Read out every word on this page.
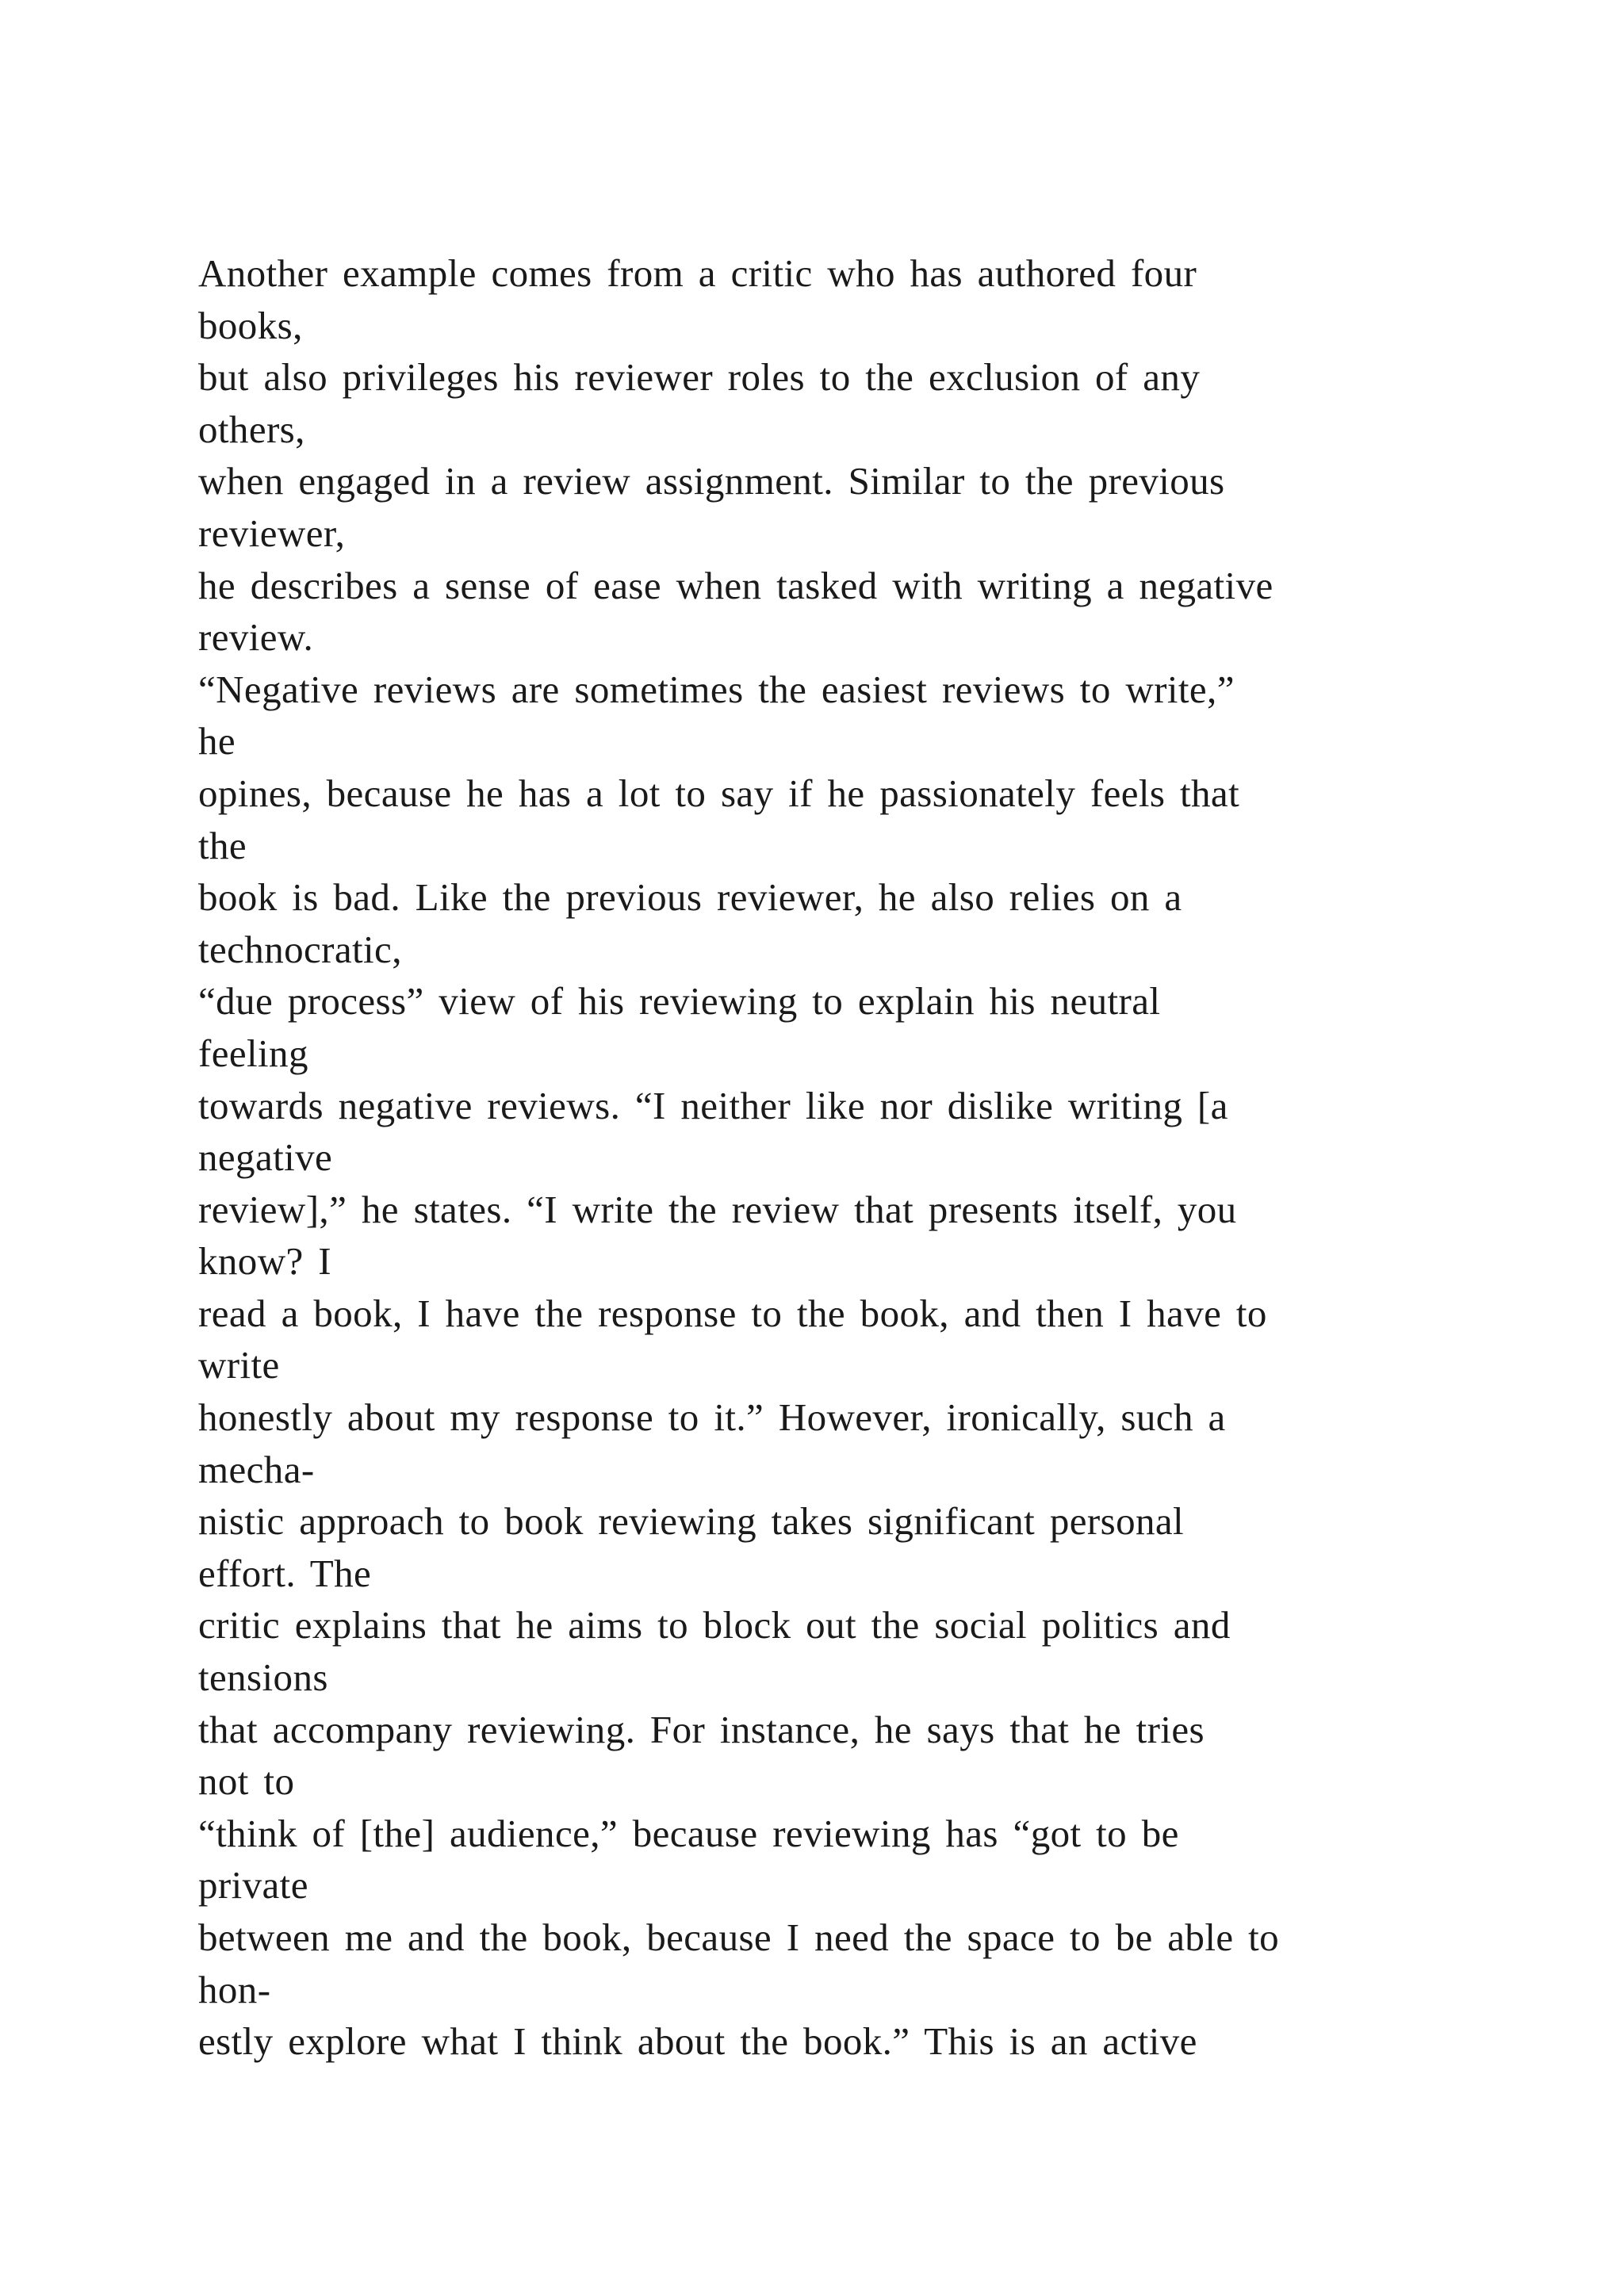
Another example comes from a critic who has authored four
books,
but also privileges his reviewer roles to the exclusion of any
others,
when engaged in a review assignment. Similar to the previous
reviewer,
he describes a sense of ease when tasked with writing a negative
review.
“Negative reviews are sometimes the easiest reviews to write,”
he
opines, because he has a lot to say if he passionately feels that
the
book is bad. Like the previous reviewer, he also relies on a
technocratic,
“due process” view of his reviewing to explain his neutral
feeling
towards negative reviews. “I neither like nor dislike writing [a
negative
review],” he states. “I write the review that presents itself, you
know? I
read a book, I have the response to the book, and then I have to
write
honestly about my response to it.” However, ironically, such a
mecha-
nistic approach to book reviewing takes significant personal
effort. The
critic explains that he aims to block out the social politics and
tensions
that accompany reviewing. For instance, he says that he tries
not to
“think of [the] audience,” because reviewing has “got to be
private
between me and the book, because I need the space to be able to
hon-
estly explore what I think about the book.” This is an active
